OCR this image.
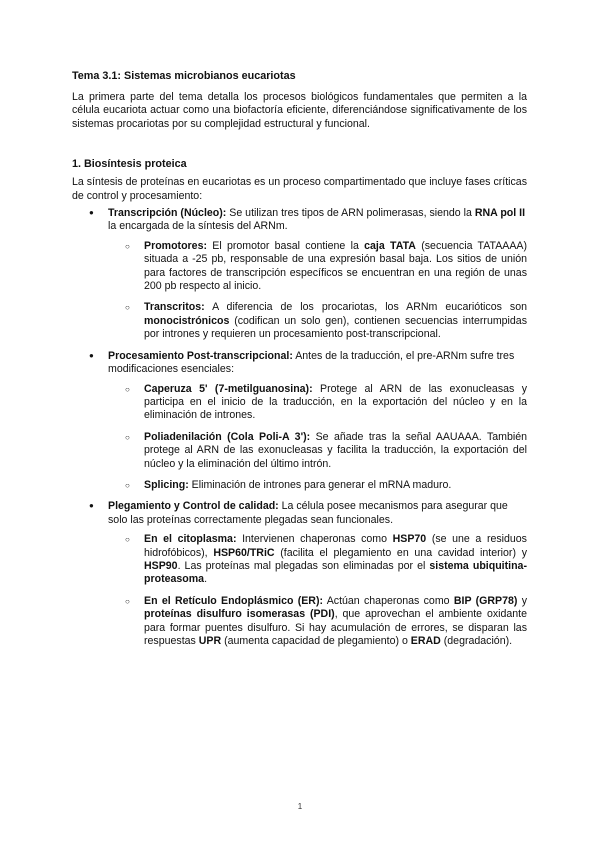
Tema 3.1: Sistemas microbianos eucariotas

La primera parte del tema detalla los procesos biológicos fundamentales que permiten a la célula eucariota actuar como una biofactoría eficiente, diferenciándose significativamente de los sistemas procariotas por su complejidad estructural y funcional.

1. Biosíntesis proteica

La síntesis de proteínas en eucariotas es un proceso compartimentado que incluye fases críticas de control y procesamiento:

● Transcripción (Núcleo): Se utilizan tres tipos de ARN polimerasas, siendo la RNA pol II la encargada de la síntesis del ARNm.

○ Promotores: El promotor basal contiene la caja TATA (secuencia TATAAAA) situada a -25 pb, responsable de una expresión basal baja. Los sitios de unión para factores de transcripción específicos se encuentran en una región de unas 200 pb respecto al inicio.
○ Transcritos: A diferencia de los procariotas, los ARNm eucarióticos son monocistrónicos (codifican un solo gen), contienen secuencias interrumpidas por intrones y requieren un procesamiento post-transcripcional.

● Procesamiento Post-transcripcional: Antes de la traducción, el pre-ARNm sufre tres modificaciones esenciales:

○ Caperuza 5' (7-metilguanosina): Protege al ARN de las exonucleasas y participa en el inicio de la traducción, en la exportación del núcleo y en la eliminación de intrones.
○ Poliadenilación (Cola Poli-A 3'): Se añade tras la señal AAUAAA. También protege al ARN de las exonucleasas y facilita la traducción, la exportación del núcleo y la eliminación del último intrón.
○ Splicing: Eliminación de intrones para generar el mRNA maduro.

● Plegamiento y Control de calidad: La célula posee mecanismos para asegurar que solo las proteínas correctamente plegadas sean funcionales.

○ En el citoplasma: Intervienen chaperonas como HSP70 (se une a residuos hidrofóbicos), HSP60/TRiC (facilita el plegamiento en una cavidad interior) y HSP90. Las proteínas mal plegadas son eliminadas por el sistema ubiquitina-proteasoma.
○ En el Retículo Endoplásmico (ER): Actúan chaperonas como BIP (GRP78) y proteínas disulfuro isomerasas (PDI), que aprovechan el ambiente oxidante para formar puentes disulfuro. Si hay acumulación de errores, se disparan las respuestas UPR (aumenta capacidad de plegamiento) o ERAD (degradación).
1
